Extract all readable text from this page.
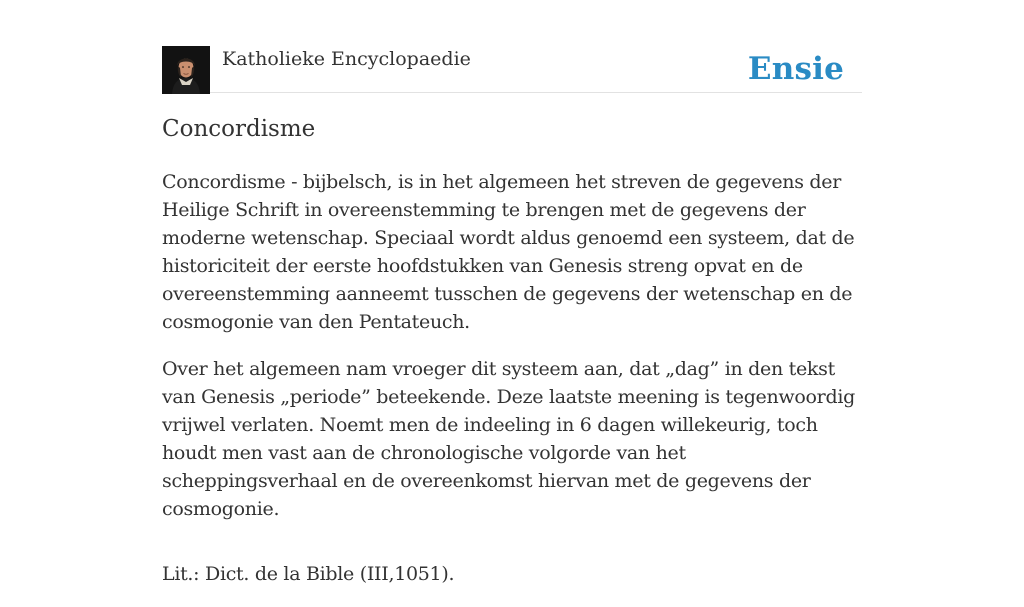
Katholieke Encyclopaedie	Ensie
Concordisme

Concordisme - bijbelsch, is in het algemeen het streven de gegevens der Heilige Schrift in overeenstemming te brengen met de gegevens der moderne wetenschap. Speciaal wordt aldus genoemd een systeem, dat de historiciteit der eerste hoofdstukken van Genesis streng opvat en de overeenstemming aanneemt tusschen de gegevens der wetenschap en de cosmogonie van den Pentateuch.

Over het algemeen nam vroeger dit systeem aan, dat „dag” in den tekst van Genesis „periode” beteekende. Deze laatste meening is tegenwoordig vrijwel verlaten. Noemt men de indeeling in 6 dagen willekeurig, toch houdt men vast aan de chronologische volgorde van het scheppingsverhaal en de overeenkomst hiervan met de gegevens der cosmogonie.

Lit.: Dict. de la Bible (III,1051).
